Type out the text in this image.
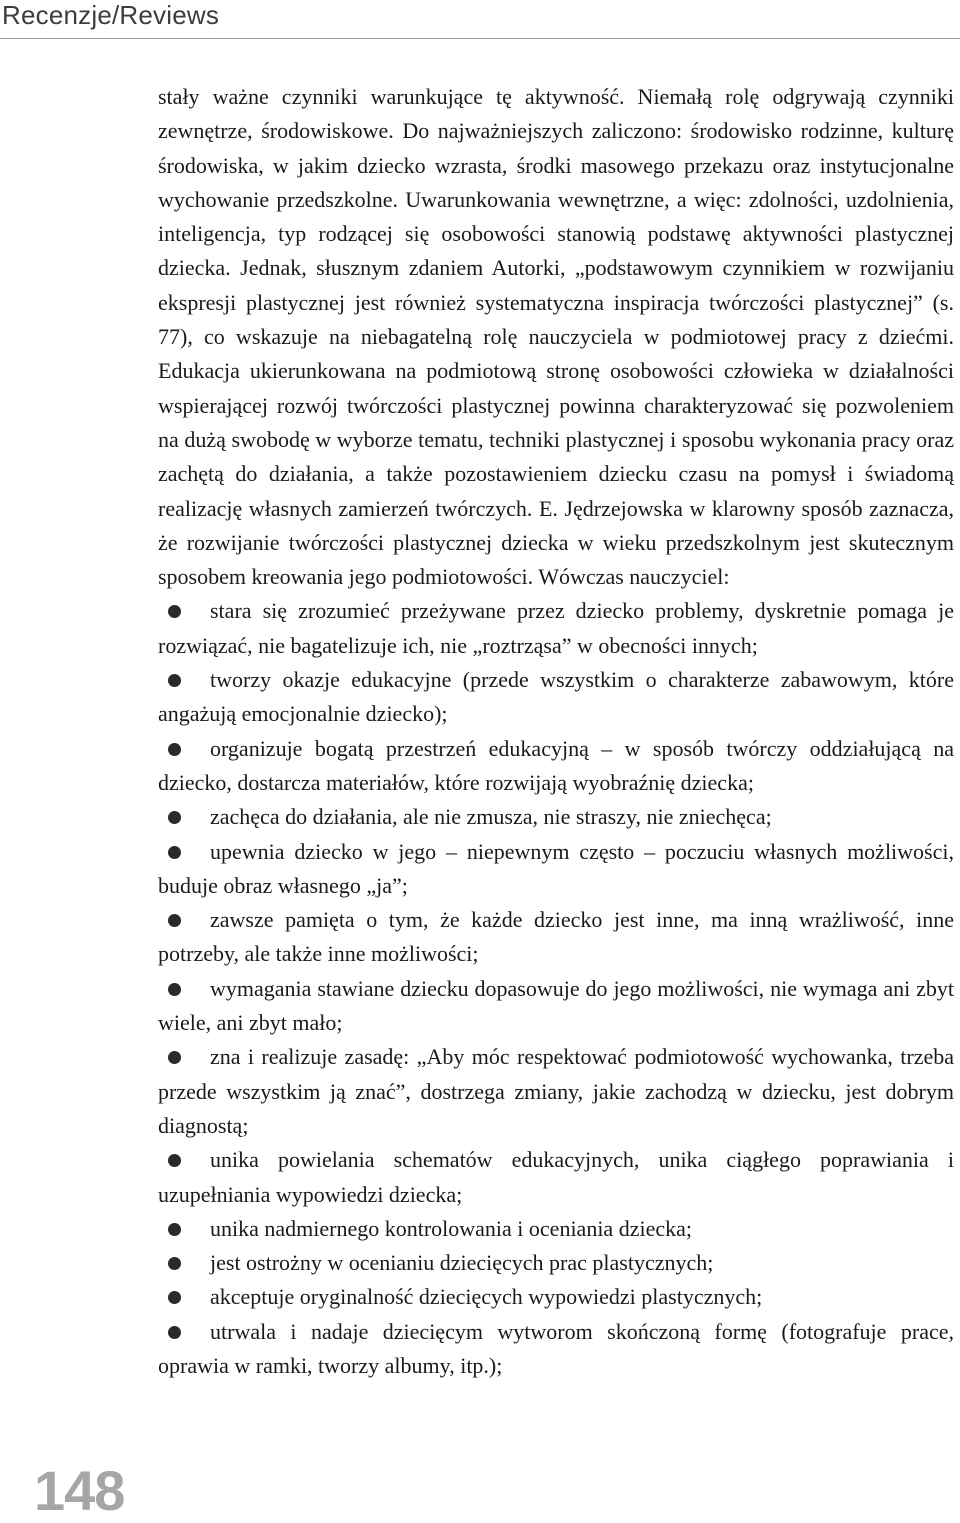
Recenzje/Reviews

stały ważne czynniki warunkujące tę aktywność. Niemałą rolę odgrywają czynniki zewnętrze, środowiskowe. Do najważniejszych zaliczono: środowisko rodzinne, kulturę środowiska, w jakim dziecko wzrasta, środki masowego przekazu oraz instytucjonalne wychowanie przedszkolne. Uwarunkowania wewnętrzne, a więc: zdolności, uzdolnienia, inteligencja, typ rodzącej się osobowości stanowią podstawę aktywności plastycznej dziecka. Jednak, słusznym zdaniem Autorki, „podstawowym czynnikiem w rozwijaniu ekspresji plastycznej jest również systematyczna inspiracja twórczości plastycznej” (s. 77), co wskazuje na niebagatelną rolę nauczyciela w podmiotowej pracy z dziećmi. Edukacja ukierunkowana na podmiotową stronę osobowości człowieka w działalności wspierającej rozwój twórczości plastycznej powinna charakteryzować się pozwoleniem na dużą swobodę w wyborze tematu, techniki plastycznej i sposobu wykonania pracy oraz zachętą do działania, a także pozostawieniem dziecku czasu na pomysł i świadomą realizację własnych zamierzeń twórczych. E. Jędrzejowska w klarowny sposób zaznacza, że rozwijanie twórczości plastycznej dziecka w wieku przedszkolnym jest skutecznym sposobem kreowania jego podmiotowości. Wówczas nauczyciel:

stara się zrozumieć przeżywane przez dziecko problemy, dyskretnie pomaga je rozwiązać, nie bagatelizuje ich, nie „roztrząsa” w obecności innych;
tworzy okazje edukacyjne (przede wszystkim o charakterze zabawowym, które angażują emocjonalnie dziecko);
organizuje bogatą przestrzeń edukacyjną – w sposób twórczy oddziałującą na dziecko, dostarcza materiałów, które rozwijają wyobraźnię dziecka;
zachęca do działania, ale nie zmusza, nie straszy, nie zniechęca;
upewnia dziecko w jego – niepewnym często – poczuciu własnych możliwości, buduje obraz własnego „ja”;
zawsze pamięta o tym, że każde dziecko jest inne, ma inną wrażliwość, inne potrzeby, ale także inne możliwości;
wymagania stawiane dziecku dopasowuje do jego możliwości, nie wymaga ani zbyt wiele, ani zbyt mało;
zna i realizuje zasadę: „Aby móc respektować podmiotowość wychowanka, trzeba przede wszystkim ją znać”, dostrzega zmiany, jakie zachodzą w dziecku, jest dobrym diagnostą;
unika powielania schematów edukacyjnych, unika ciągłego poprawiania i uzupełniania wypowiedzi dziecka;
unika nadmiernego kontrolowania i oceniania dziecka;
jest ostrożny w ocenianiu dziecięcych prac plastycznych;
akceptuje oryginalność dziecięcych wypowiedzi plastycznych;
utrwala i nadaje dziecięcym wytworom skończoną formę (fotografuje prace, oprawia w ramki, tworzy albumy, itp.);
148
